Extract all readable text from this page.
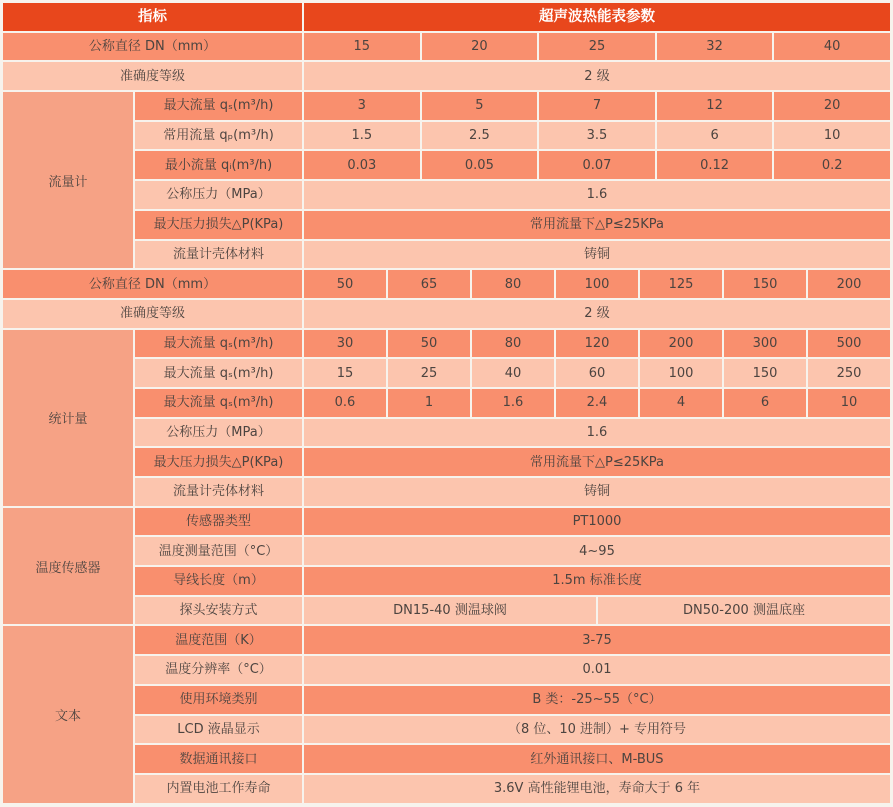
指标	超声波热能表参数
公称直径 DN（mm）	15	20	25	32	40
准确度等级	2 级
流量计
最大流量 qₛ(m³/h)	3	5	7	12	20
常用流量 qₚ(m³/h)	1.5	2.5	3.5	6	10
最小流量 qᵢ(m³/h)	0.03	0.05	0.07	0.12	0.2
公称压力（MPa）	1.6
最大压力损失△P(KPa)	常用流量下△P≤25KPa
流量计壳体材料	铸铜
公称直径 DN（mm）	50	65	80	100	125	150	200
准确度等级	2 级
统计量
最大流量 qₛ(m³/h)	30	50	80	120	200	300	500
最大流量 qₛ(m³/h)	15	25	40	60	100	150	250
最大流量 qₛ(m³/h)	0.6	1	1.6	2.4	4	6	10
公称压力（MPa）	1.6
最大压力损失△P(KPa)	常用流量下△P≤25KPa
流量计壳体材料	铸铜
温度传感器
传感器类型	PT1000
温度测量范围（°C）	4~95
导线长度（m）	1.5m 标准长度
探头安装方式	DN15-40 测温球阀	DN50-200 测温底座
文本
温度范围（K）	3-75
温度分辨率（°C）	0.01
使用环境类别	B 类：-25~55（°C）
LCD 液晶显示	（8 位、10 进制）+ 专用符号
数据通讯接口	红外通讯接口、M-BUS
内置电池工作寿命	3.6V 高性能锂电池，寿命大于 6 年
